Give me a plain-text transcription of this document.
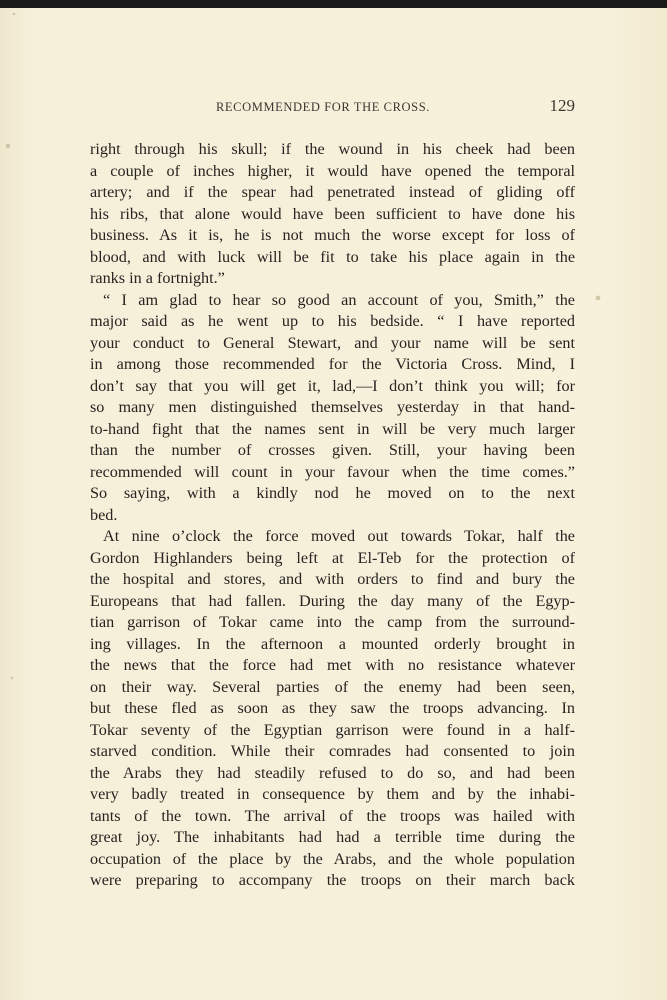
RECOMMENDED FOR THE CROSS.	129
right through his skull; if the wound in his cheek had been
a couple of inches higher, it would have opened the temporal
artery; and if the spear had penetrated instead of gliding off
his ribs, that alone would have been sufficient to have done his
business. As it is, he is not much the worse except for loss of
blood, and with luck will be fit to take his place again in the
ranks in a fortnight.”
“ I am glad to hear so good an account of you, Smith,” the
major said as he went up to his bedside. “ I have reported
your conduct to General Stewart, and your name will be sent
in among those recommended for the Victoria Cross. Mind, I
don’t say that you will get it, lad,—I don’t think you will; for
so many men distinguished themselves yesterday in that hand-
to-hand fight that the names sent in will be very much larger
than the number of crosses given. Still, your having been
recommended will count in your favour when the time comes.”
So saying, with a kindly nod he moved on to the next
bed.
At nine o’clock the force moved out towards Tokar, half the
Gordon Highlanders being left at El-Teb for the protection of
the hospital and stores, and with orders to find and bury the
Europeans that had fallen. During the day many of the Egyp-
tian garrison of Tokar came into the camp from the surround-
ing villages. In the afternoon a mounted orderly brought in
the news that the force had met with no resistance whatever
on their way. Several parties of the enemy had been seen,
but these fled as soon as they saw the troops advancing. In
Tokar seventy of the Egyptian garrison were found in a half-
starved condition. While their comrades had consented to join
the Arabs they had steadily refused to do so, and had been
very badly treated in consequence by them and by the inhabi-
tants of the town. The arrival of the troops was hailed with
great joy. The inhabitants had had a terrible time during the
occupation of the place by the Arabs, and the whole population
were preparing to accompany the troops on their march back
